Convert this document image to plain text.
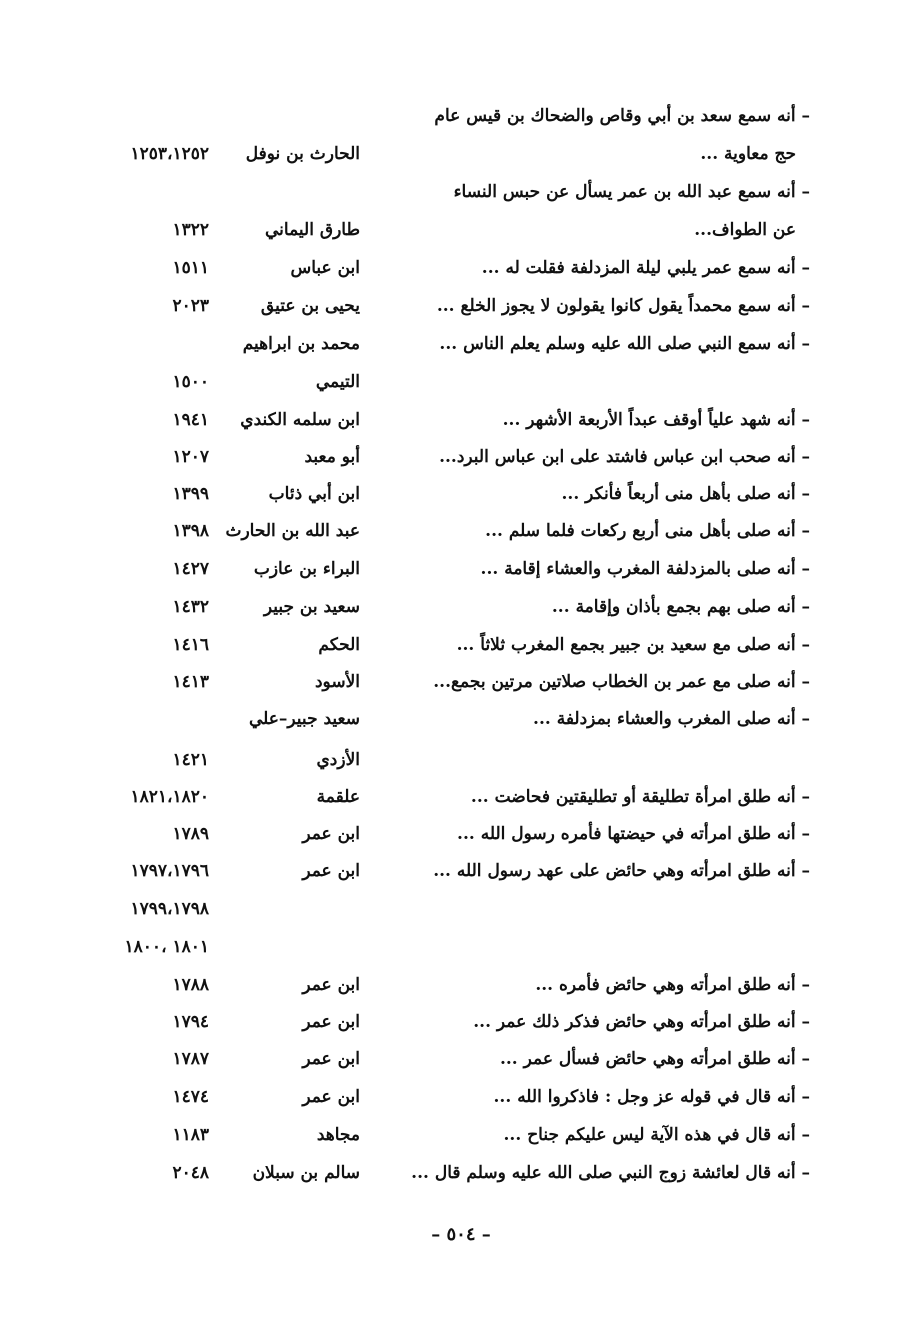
– أنه سمع سعد بن أبي وقاص والضحاك بن قيس عام
حج معاوية ...
الحارث بن نوفل
١٢٥٣،١٢٥٢
– أنه سمع عبد الله بن عمر يسأل عن حبس النساء
عن الطواف...
طارق اليماني
١٣٢٢
– أنه سمع عمر يلبي ليلة المزدلفة فقلت له ...
ابن عباس
١٥١١
– أنه سمع محمداً يقول كانوا يقولون لا يجوز الخلع ...
يحيى بن عتيق
٢٠٢٣
– أنه سمع النبي صلى الله عليه وسلم يعلم الناس ...
محمد بن ابراهيم
التيمي
١٥٠٠
– أنه شهد علياً أوقف عبداً الأربعة الأشهر ...
ابن سلمه الكندي
١٩٤١
– أنه صحب ابن عباس فاشتد على ابن عباس البرد...
أبو معبد
١٢٠٧
– أنه صلى بأهل منى أربعاً فأنكر ...
ابن أبي ذئاب
١٣٩٩
– أنه صلى بأهل منى أربع ركعات فلما سلم ...
عبد الله بن الحارث
١٣٩٨
– أنه صلى بالمزدلفة المغرب والعشاء إقامة ...
البراء بن عازب
١٤٢٧
– أنه صلى بهم بجمع بأذان وإقامة ...
سعيد بن جبير
١٤٣٢
– أنه صلى مع سعيد بن جبير بجمع المغرب ثلاثاً ...
الحكم
١٤١٦
– أنه صلى مع عمر بن الخطاب صلاتين مرتين بجمع...
الأسود
١٤١٣
– أنه صلى المغرب والعشاء بمزدلفة ...
سعيد جبير–علي
الأزدي
١٤٢١
– أنه طلق امرأة تطليقة أو تطليقتين فحاضت ...
علقمة
١٨٢١،١٨٢٠
– أنه طلق امرأته في حيضتها فأمره رسول الله ...
ابن عمر
١٧٨٩
– أنه طلق امرأته وهي حائض على عهد رسول الله ...
ابن عمر
١٧٩٧،١٧٩٦
١٧٩٩،١٧٩٨
١٨٠١ ،١٨٠٠
– أنه طلق امرأته وهي حائض فأمره ...
ابن عمر
١٧٨٨
– أنه طلق امرأته وهي حائض فذكر ذلك عمر ...
ابن عمر
١٧٩٤
– أنه طلق امرأته وهي حائض فسأل عمر ...
ابن عمر
١٧٨٧
– أنه قال في قوله عز وجل : فاذكروا الله ...
ابن عمر
١٤٧٤
– أنه قال في هذه الآية ليس عليكم جناح ...
مجاهد
١١٨٣
– أنه قال لعائشة زوج النبي صلى الله عليه وسلم قال ...
سالم بن سبلان
٢٠٤٨
– ٥٠٤ –
